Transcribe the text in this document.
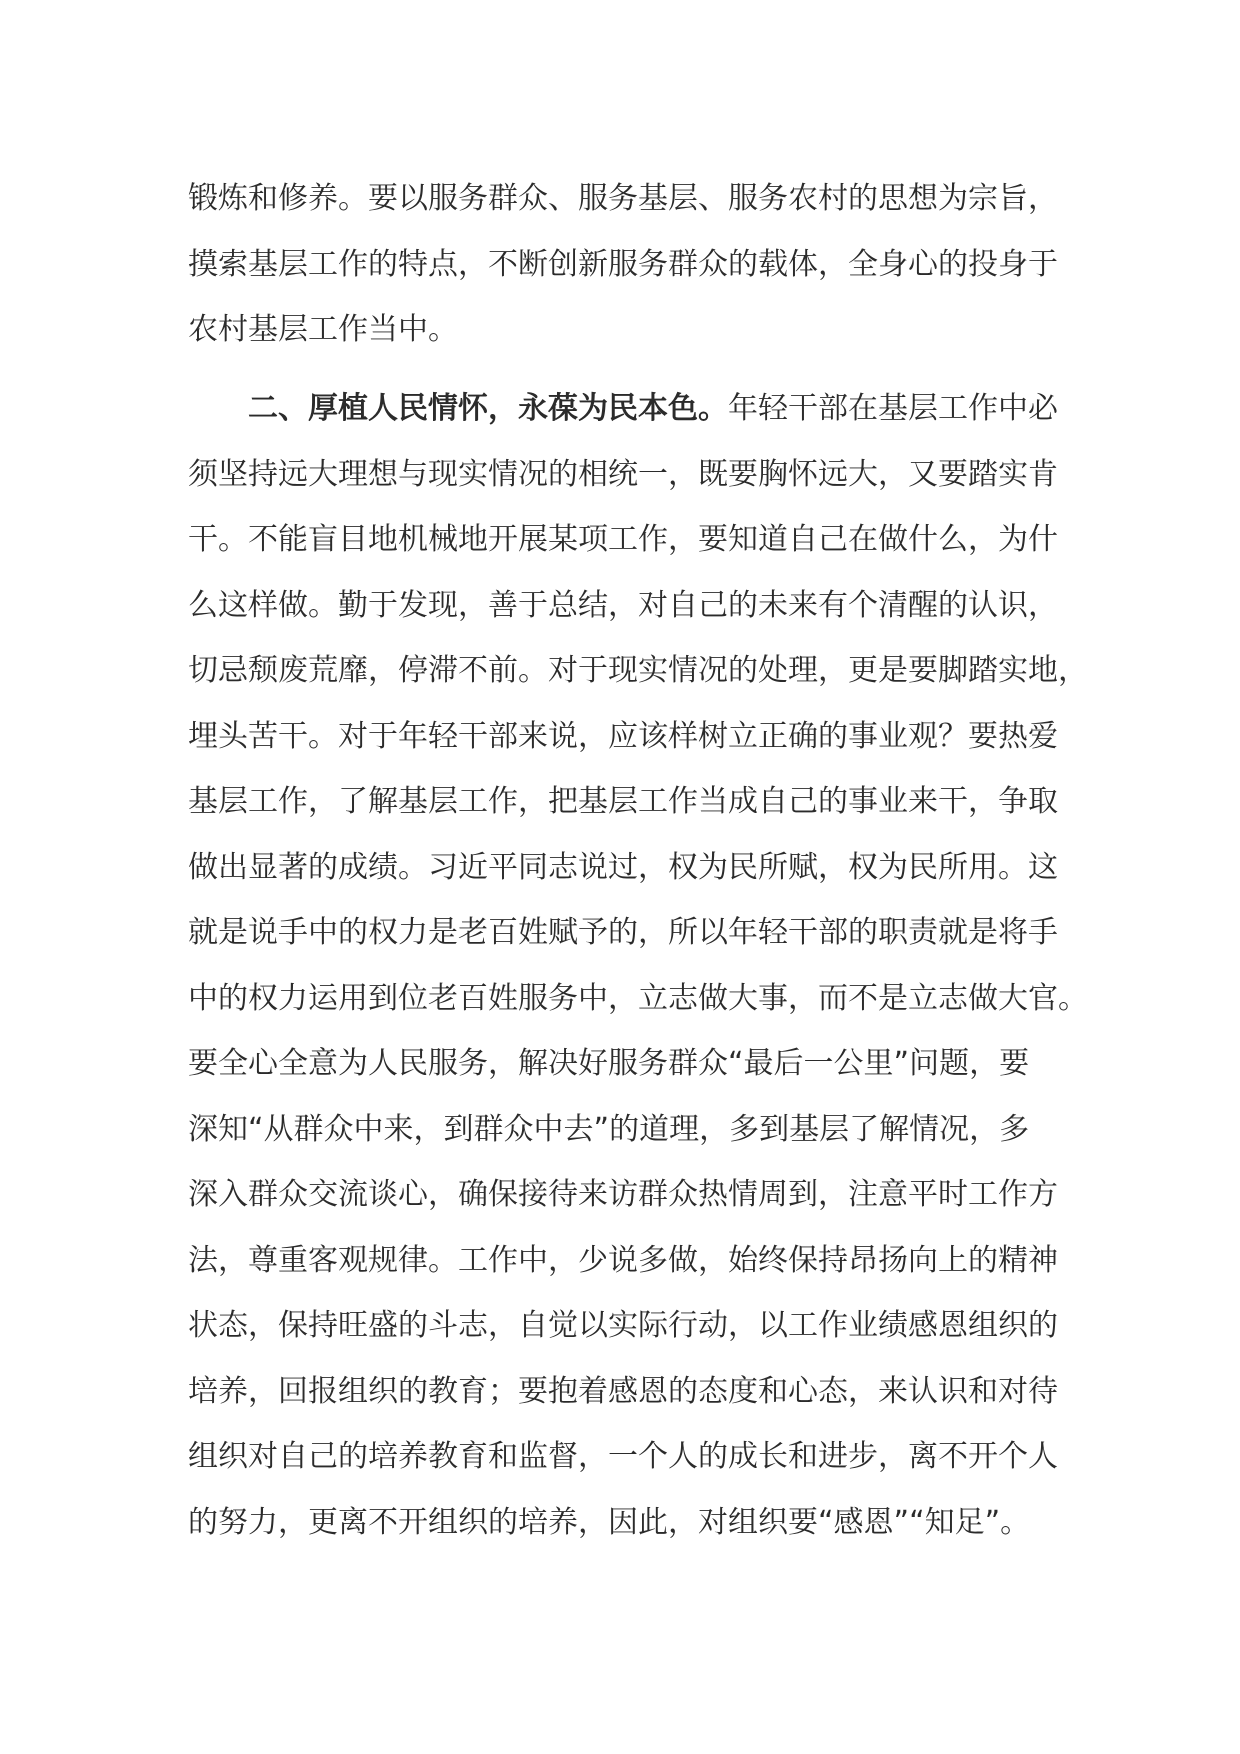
锻炼和修养。要以服务群众、服务基层、服务农村的思想为宗旨，
摸索基层工作的特点，不断创新服务群众的载体，全身心的投身于
农村基层工作当中。
二、厚植人民情怀，永葆为民本色。年轻干部在基层工作中必
须坚持远大理想与现实情况的相统一，既要胸怀远大，又要踏实肯
干。不能盲目地机械地开展某项工作，要知道自己在做什么，为什
么这样做。勤于发现，善于总结，对自己的未来有个清醒的认识，
切忌颓废荒靡，停滞不前。对于现实情况的处理，更是要脚踏实地，
埋头苦干。对于年轻干部来说，应该样树立正确的事业观？要热爱
基层工作，了解基层工作，把基层工作当成自己的事业来干，争取
做出显著的成绩。习近平同志说过，权为民所赋，权为民所用。这
就是说手中的权力是老百姓赋予的，所以年轻干部的职责就是将手
中的权力运用到位老百姓服务中，立志做大事，而不是立志做大官。
要全心全意为人民服务，解决好服务群众“最后一公里”问题，要
深知“从群众中来，到群众中去”的道理，多到基层了解情况，多
深入群众交流谈心，确保接待来访群众热情周到，注意平时工作方
法，尊重客观规律。工作中，少说多做，始终保持昂扬向上的精神
状态，保持旺盛的斗志，自觉以实际行动，以工作业绩感恩组织的
培养，回报组织的教育；要抱着感恩的态度和心态，来认识和对待
组织对自己的培养教育和监督，一个人的成长和进步，离不开个人
的努力，更离不开组织的培养，因此，对组织要“感恩”“知足”。
